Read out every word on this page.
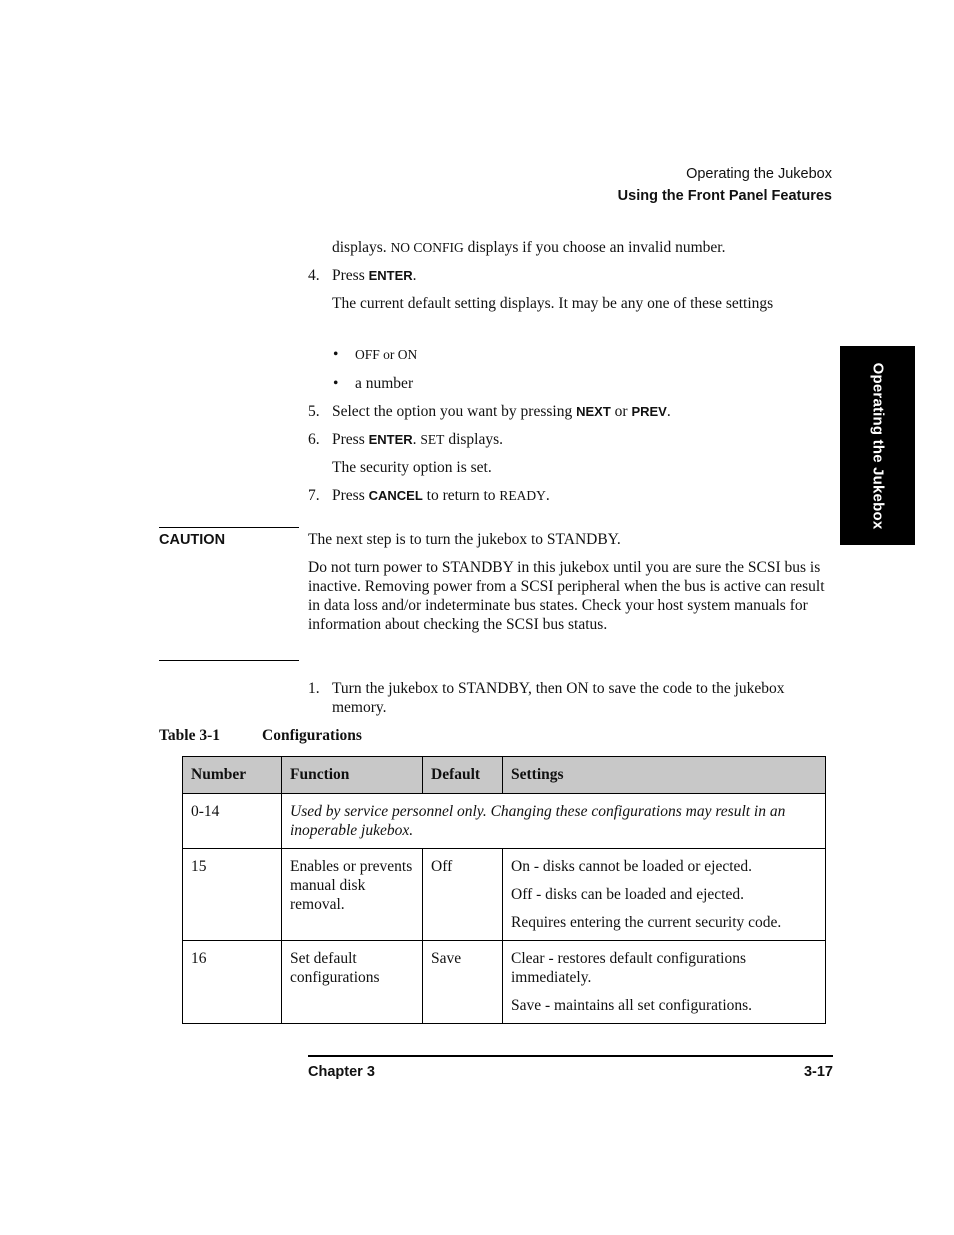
Operating the Jukebox
Using the Front Panel Features
Operating the Jukebox
displays. NO CONFIG displays if you choose an invalid number.
4. Press ENTER.
The current default setting displays. It may be any one of these settings
• OFF or ON
• a number
5. Select the option you want by pressing NEXT or PREV.
6. Press ENTER. SET displays.
The security option is set.
7. Press CANCEL to return to READY.
CAUTION	The next step is to turn the jukebox to STANDBY.
Do not turn power to STANDBY in this jukebox until you are sure the SCSI bus is inactive. Removing power from a SCSI peripheral when the bus is active can result in data loss and/or indeterminate bus states. Check your host system manuals for information about checking the SCSI bus status.
1. Turn the jukebox to STANDBY, then ON to save the code to the jukebox memory.
Table 3-1	Configurations
Number	Function	Default	Settings
0-14	Used by service personnel only. Changing these configurations may result in an inoperable jukebox.		
15	Enables or prevents manual disk removal.	Off	On - disks cannot be loaded or ejected.

Off - disks can be loaded and ejected.

Requires entering the current security code.

16	Set default configurations	Save	Clear - restores default configurations immediately.

Save - maintains all set configurations.

Chapter 3	3-17
